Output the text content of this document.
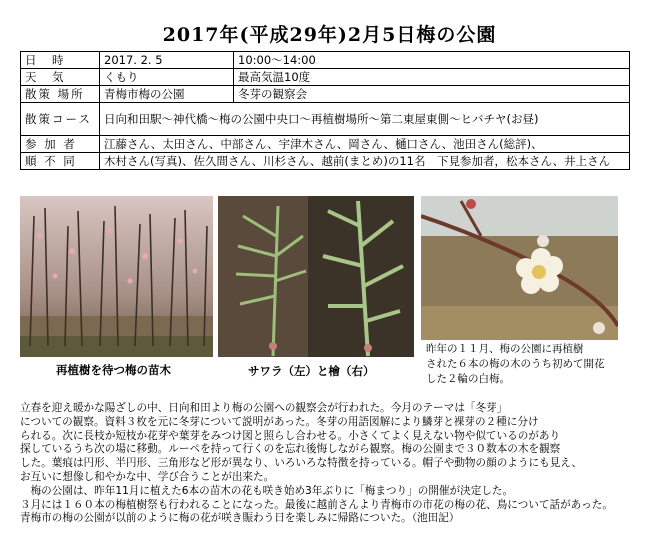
2017年(平成29年)2月5日梅の公園
日　時	2017. 2. 5	10:00～14:00
天　気	くもり	最高気温10度
散策 場所	青梅市梅の公園	冬芽の観察会
散策コース	日向和田駅～神代橋～梅の公園中央口～再植樹場所～第二東屋東側～ヒバチヤ(お昼)	
参 加 者	江藤さん、太田さん、中部さん、宇津木さん、岡さん、樋口さん、池田さん(総評)、	
順 不 同	木村さん(写真)、佐久間さん、川杉さん、越前(まとめ)の11名　下見参加者，松本さん、井上さん	
再植樹を待つ梅の苗木	サワラ（左）と檜（右）
昨年の１１月、梅の公園に再植樹
された６本の梅の木のうち初めて開花
した２輪の白梅。

立春を迎え暖かな陽ざしの中、日向和田より梅の公園への観察会が行われた。今月のテーマは「冬芽」

についての観察。資料３枚を元に冬芽について説明があった。冬芽の用語図解により鱗芽と裸芽の２種に分け

られる。次に長枝か短枝か花芽や葉芽をみつけ図と照らし合わせる。小さくてよく見えない物や似ているのがあり

探しているうち次の場に移動。ルーペを持って行くのを忘れ後悔しながら観察。梅の公園まで３０数本の木を観察

した。葉痕は円形、半円形、三角形など形が異なり、いろいろな特徴を持っている。帽子や動物の顔のようにも見え、

お互いに想像し和やかな中、学び合うことが出来た。

　梅の公園は、昨年11月に植えた6本の苗木の花も咲き始め3年ぶりに「梅まつり」の開催が決定した。

３月には１６０本の梅植樹祭も行われることになった。最後に越前さんより青梅市の市花の梅の花、鳥について話があった。

青梅市の梅の公園が以前のように梅の花が咲き賑わう日を楽しみに帰路についた。（池田記）
